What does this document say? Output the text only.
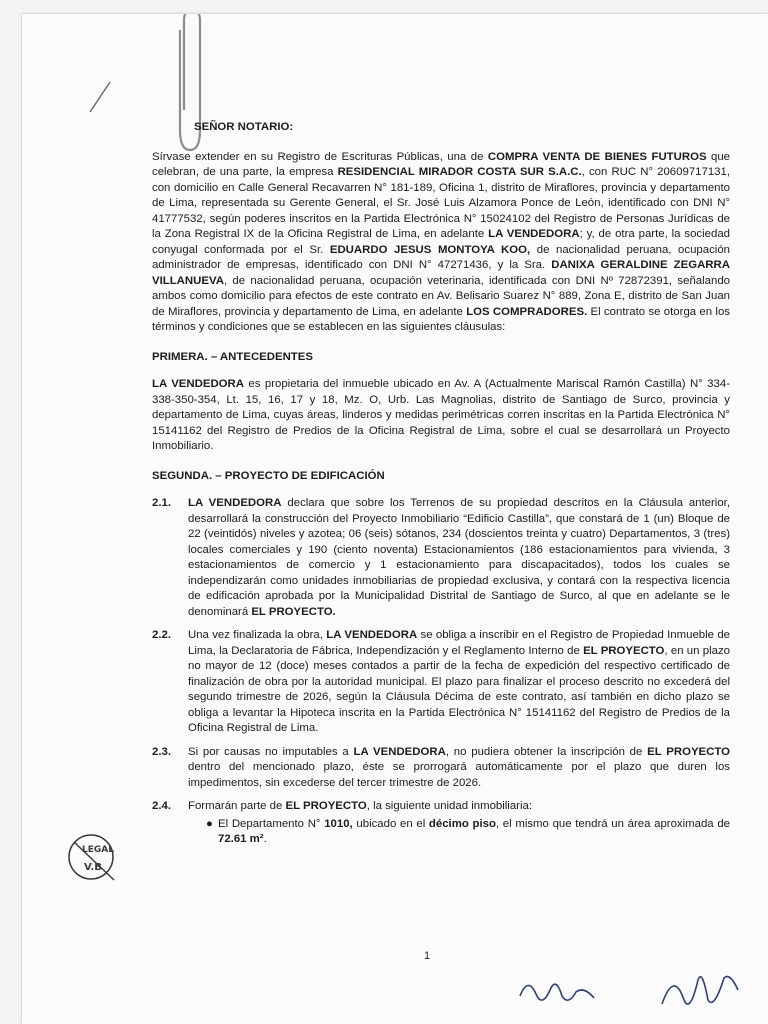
SEÑOR NOTARIO:

Sírvase extender en su Registro de Escrituras Públicas, una de COMPRA VENTA DE BIENES FUTUROS que celebran, de una parte, la empresa RESIDENCIAL MIRADOR COSTA SUR S.A.C., con RUC N° 20609717131, con domicilio en Calle General Recavarren N° 181-189, Oficina 1, distrito de Miraflores, provincia y departamento de Lima, representada su Gerente General, el Sr. José Luis Alzamora Ponce de León, identificado con DNI N° 41777532, según poderes inscritos en la Partida Electrónica N° 15024102 del Registro de Personas Jurídicas de la Zona Registral IX de la Oficina Registral de Lima, en adelante LA VENDEDORA; y, de otra parte, la sociedad conyugal conformada por el Sr. EDUARDO JESUS MONTOYA KOO, de nacionalidad peruana, ocupación administrador de empresas, identificado con DNI N° 47271436, y la Sra. DANIXA GERALDINE ZEGARRA VILLANUEVA, de nacionalidad peruana, ocupación veterinaria, identificada con DNI Nº 72872391, señalando ambos como domicilio para efectos de este contrato en Av. Belisario Suarez N° 889, Zona E, distrito de San Juan de Miraflores, provincia y departamento de Lima, en adelante LOS COMPRADORES. El contrato se otorga en los términos y condiciones que se establecen en las siguientes cláusulas:

PRIMERA. – ANTECEDENTES

LA VENDEDORA es propietaria del inmueble ubicado en Av. A (Actualmente Mariscal Ramón Castilla) N° 334-338-350-354, Lt. 15, 16, 17 y 18, Mz. O, Urb. Las Magnolias, distrito de Santiago de Surco, provincia y departamento de Lima, cuyas áreas, linderos y medidas perimétricas corren inscritas en la Partida Electrónica N° 15141162 del Registro de Predios de la Oficina Registral de Lima, sobre el cual se desarrollará un Proyecto Inmobiliario.

SEGUNDA. – PROYECTO DE EDIFICACIÓN

2.1.	LA VENDEDORA declara que sobre los Terrenos de su propiedad descritos en la Cláusula anterior, desarrollará la construcción del Proyecto Inmobiliario “Edificio Castilla”, que constará de 1 (un) Bloque de 22 (veintidós) niveles y azotea; 06 (seis) sótanos, 234 (doscientos treinta y cuatro) Departamentos, 3 (tres) locales comerciales y 190 (ciento noventa) Estacionamientos (186 estacionamientos para vivienda, 3 estacionamientos de comercio y 1 estacionamiento para discapacitados), todos los cuales se independizarán como unidades inmobiliarias de propiedad exclusiva, y contará con la respectiva licencia de edificación aprobada por la Municipalidad Distrital de Santiago de Surco, al que en adelante se le denominará EL PROYECTO.

2.2.	Una vez finalizada la obra, LA VENDEDORA se obliga a inscribir en el Registro de Propiedad Inmueble de Lima, la Declaratoria de Fábrica, Independización y el Reglamento Interno de EL PROYECTO, en un plazo no mayor de 12 (doce) meses contados a partir de la fecha de expedición del respectivo certificado de finalización de obra por la autoridad municipal. El plazo para finalizar el proceso descrito no excederá del segundo trimestre de 2026, según la Cláusula Décima de este contrato, así también en dicho plazo se obliga a levantar la Hipoteca inscrita en la Partida Electrónica N° 15141162 del Registro de Predios de la Oficina Registral de Lima.

2.3.	Si por causas no imputables a LA VENDEDORA, no pudiera obtener la inscripción de EL PROYECTO dentro del mencionado plazo, éste se prorrogará automáticamente por el plazo que duren los impedimentos, sin excederse del tercer trimestre de 2026.

2.4.	Formarán parte de EL PROYECTO, la siguiente unidad inmobiliaria:

● El Departamento N° 1010, ubicado en el décimo piso, el mismo que tendrá un área aproximada de 72.61 m².

LEGAL
V.B
1
